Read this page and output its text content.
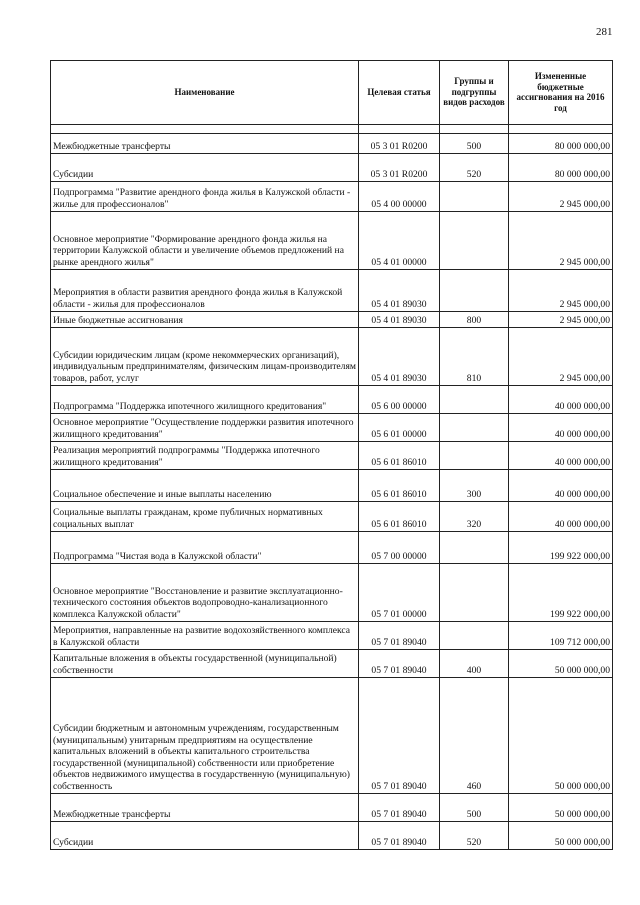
281
Наименование	Целевая статья	Группы и подгруппы видов расходов	Измененные бюджетные ассигнования на 2016 год

Межбюджетные трансферты	05 3 01 R0200	500	80 000 000,00
Субсидии	05 3 01 R0200	520	80 000 000,00
Подпрограмма "Развитие арендного фонда жилья в Калужской области - жилье для профессионалов"	05 4 00 00000		2 945 000,00
Основное мероприятие "Формирование арендного фонда жилья на территории Калужской области и увеличение объемов предложений на рынке арендного жилья"	05 4 01 00000		2 945 000,00
Мероприятия в области развития арендного фонда жилья в Калужской области - жилья для профессионалов	05 4 01 89030		2 945 000,00
Иные бюджетные ассигнования	05 4 01 89030	800	2 945 000,00
Субсидии юридическим лицам (кроме некоммерческих организаций), индивидуальным предпринимателям, физическим лицам-производителям товаров, работ, услуг	05 4 01 89030	810	2 945 000,00
Подпрограмма "Поддержка ипотечного жилищного кредитования"	05 6 00 00000		40 000 000,00
Основное мероприятие "Осуществление поддержки развития ипотечного жилищного кредитования"	05 6 01 00000		40 000 000,00
Реализация мероприятий подпрограммы "Поддержка ипотечного жилищного кредитования"	05 6 01 86010		40 000 000,00
Социальное обеспечение и иные выплаты населению	05 6 01 86010	300	40 000 000,00
Социальные выплаты гражданам, кроме публичных нормативных социальных выплат	05 6 01 86010	320	40 000 000,00
Подпрограмма "Чистая вода в Калужской области"	05 7 00 00000		199 922 000,00
Основное мероприятие "Восстановление и развитие эксплуатационно-технического состояния объектов водопроводно-канализационного комплекса Калужской области"	05 7 01 00000		199 922 000,00
Мероприятия, направленные на развитие водохозяйственного комплекса в Калужской области	05 7 01 89040		109 712 000,00
Капитальные вложения в объекты государственной (муниципальной) собственности	05 7 01 89040	400	50 000 000,00
Субсидии бюджетным и автономным учреждениям, государственным (муниципальным) унитарным предприятиям на осуществление капитальных вложений в объекты капитального строительства государственной (муниципальной) собственности или приобретение объектов недвижимого имущества в государственную (муниципальную) собственность	05 7 01 89040	460	50 000 000,00
Межбюджетные трансферты	05 7 01 89040	500	50 000 000,00
Субсидии	05 7 01 89040	520	50 000 000,00
